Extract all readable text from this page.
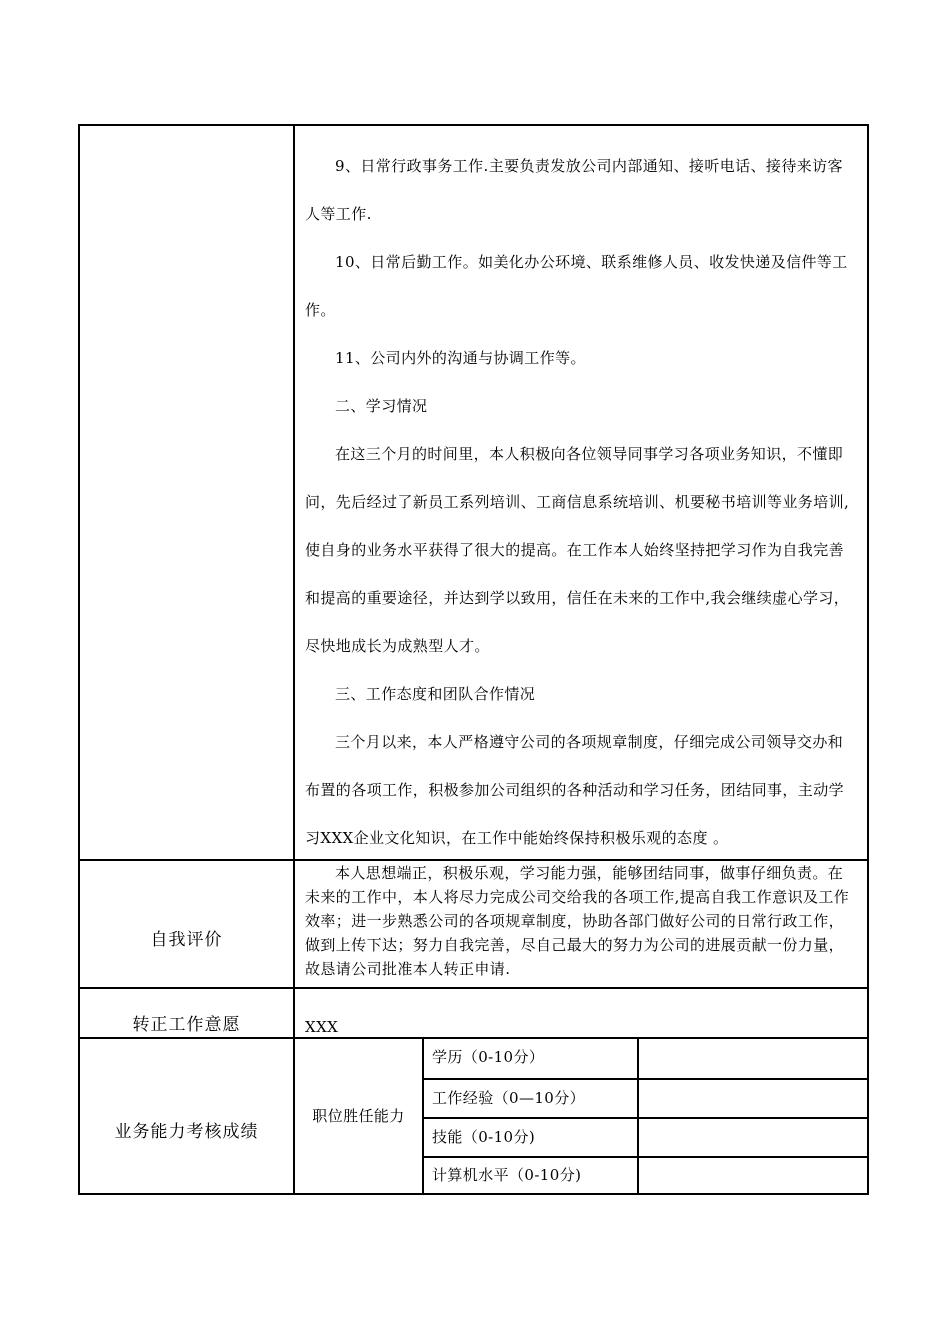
9、日常行政事务工作.主要负责发放公司内部通知、接听电话、接待来访客人等工作.
10、日常后勤工作。如美化办公环境、联系维修人员、收发快递及信件等工作。
11、公司内外的沟通与协调工作等。
二、学习情况
在这三个月的时间里，本人积极向各位领导同事学习各项业务知识，不懂即问，先后经过了新员工系列培训、工商信息系统培训、机要秘书培训等业务培训,使自身的业务水平获得了很大的提高。在工作本人始终坚持把学习作为自我完善和提高的重要途径，并达到学以致用，信任在未来的工作中,我会继续虚心学习，尽快地成长为成熟型人才。
三、工作态度和团队合作情况
三个月以来，本人严格遵守公司的各项规章制度，仔细完成公司领导交办和布置的各项工作，积极参加公司组织的各种活动和学习任务，团结同事，主动学习XXX企业文化知识，在工作中能始终保持积极乐观的态度 。
自我评价
本人思想端正，积极乐观，学习能力强，能够团结同事，做事仔细负责。在未来的工作中，本人将尽力完成公司交给我的各项工作,提高自我工作意识及工作效率；进一步熟悉公司的各项规章制度，协助各部门做好公司的日常行政工作，做到上传下达；努力自我完善，尽自己最大的努力为公司的进展贡献一份力量，故恳请公司批准本人转正申请.
转正工作意愿	XXX
业务能力考核成绩
职位胜任能力
学历（0-10分）
工作经验（0—10分）
技能（0-10分)
计算机水平（0-10分)
